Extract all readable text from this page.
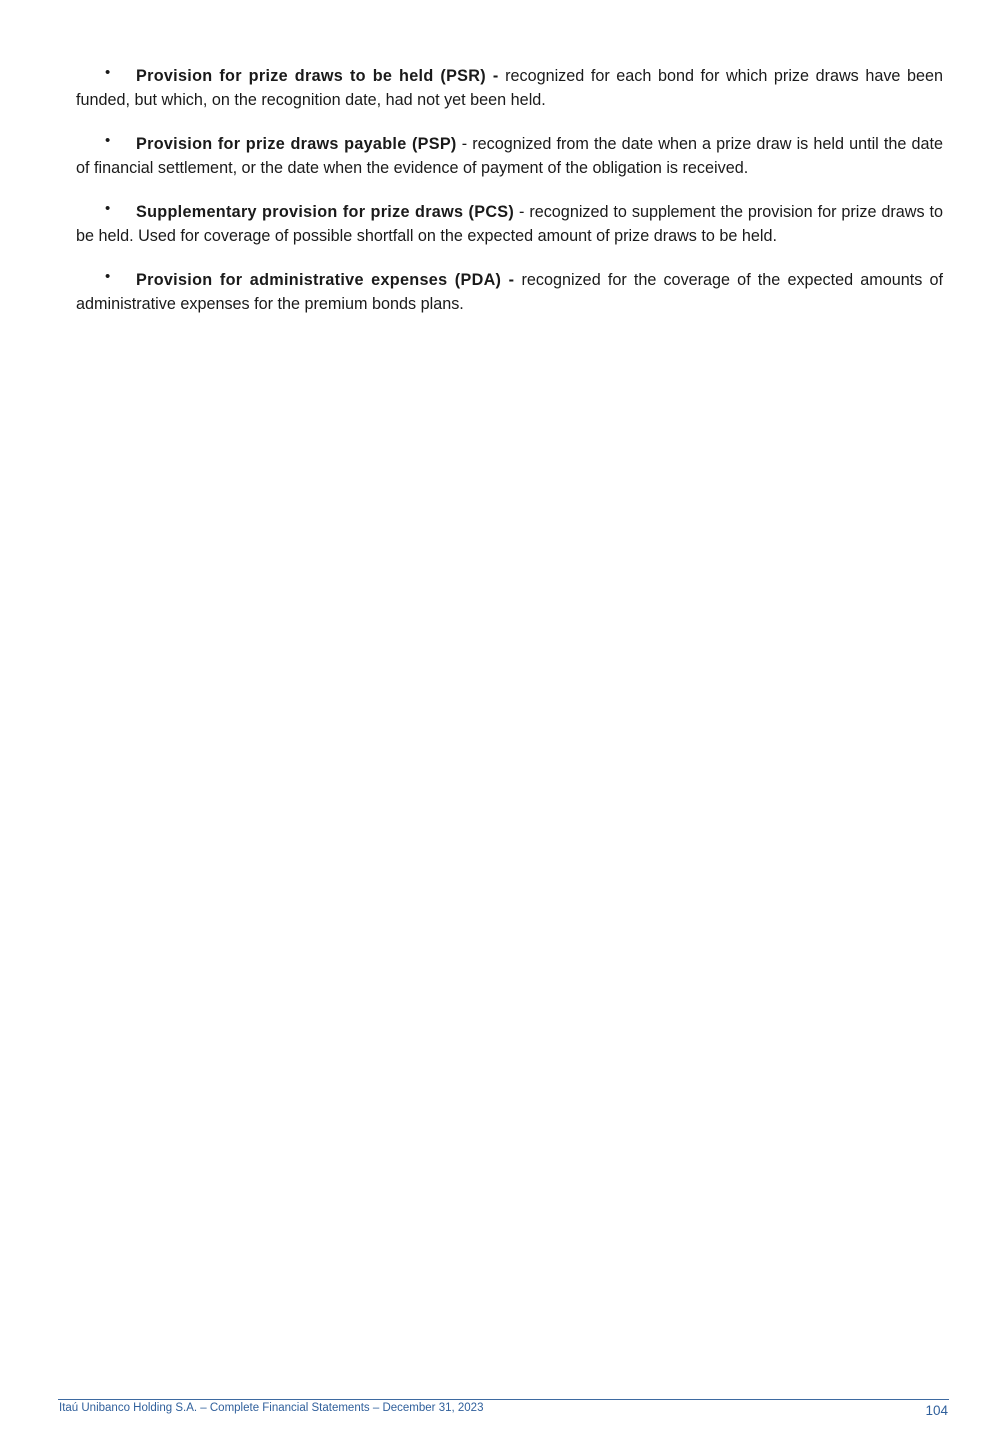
• Provision for prize draws to be held (PSR) - recognized for each bond for which prize draws have been funded, but which, on the recognition date, had not yet been held.

• Provision for prize draws payable (PSP) - recognized from the date when a prize draw is held until the date of financial settlement, or the date when the evidence of payment of the obligation is received.

• Supplementary provision for prize draws (PCS) - recognized to supplement the provision for prize draws to be held. Used for coverage of possible shortfall on the expected amount of prize draws to be held.

• Provision for administrative expenses (PDA) - recognized for the coverage of the expected amounts of administrative expenses for the premium bonds plans.

Itaú Unibanco Holding S.A. – Complete Financial Statements – December 31, 2023	104
